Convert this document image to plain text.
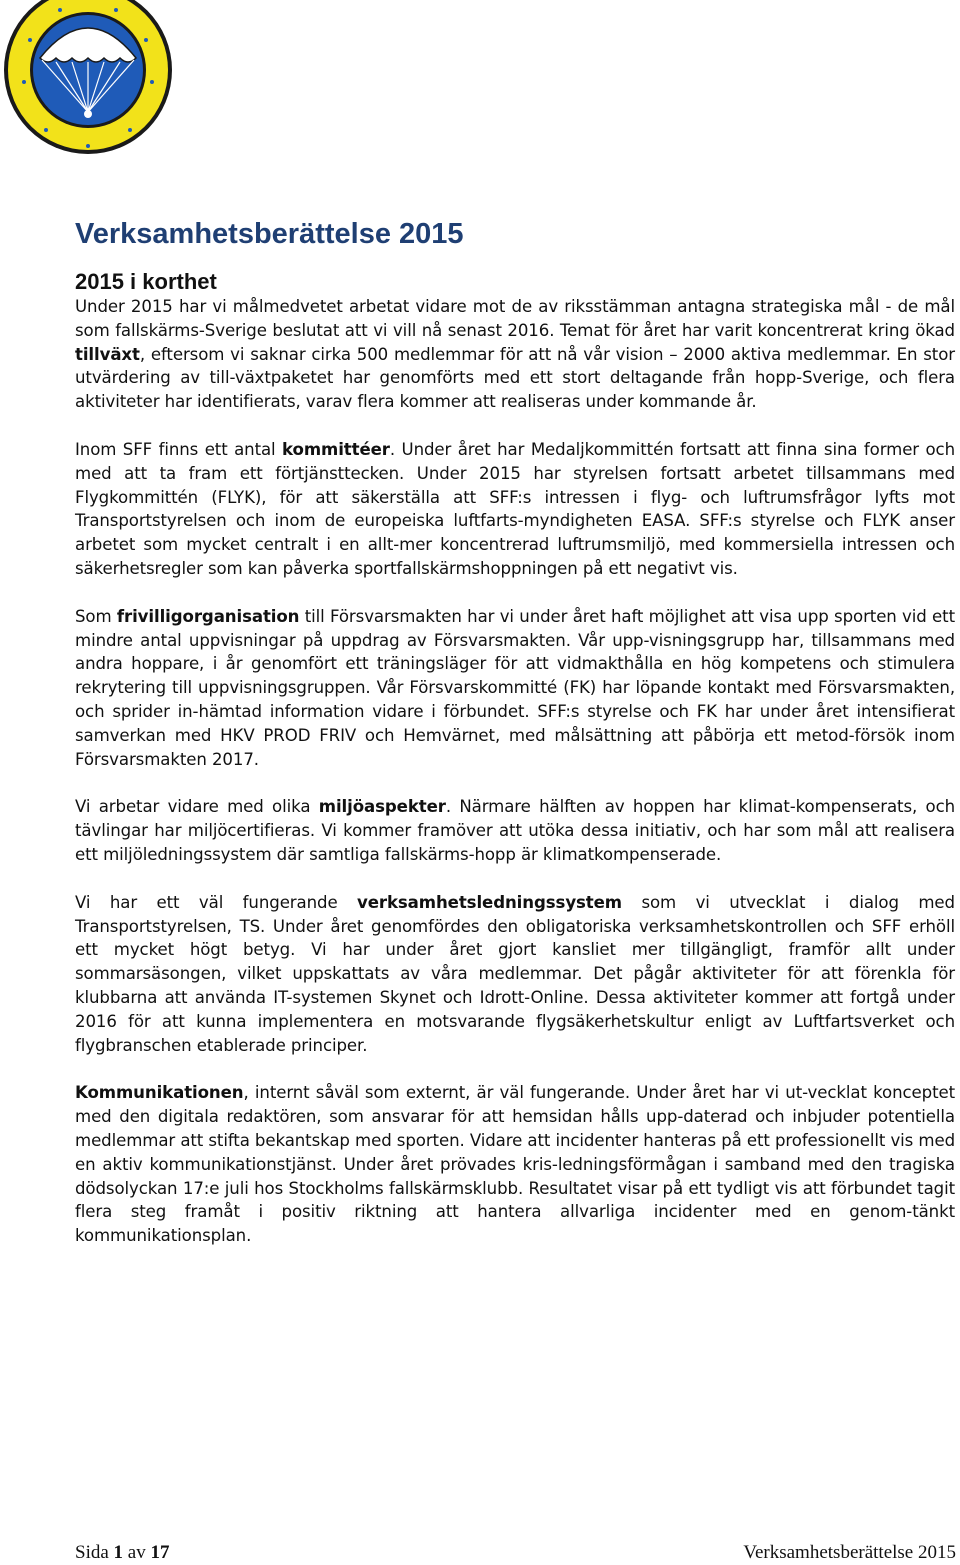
Verksamhetsberättelse 2015
2015 i korthet

Under 2015 har vi målmedvetet arbetat vidare mot de av riksstämman antagna strategiska mål - de mål som fallskärms-Sverige beslutat att vi vill nå senast 2016. Temat för året har varit koncentrerat kring ökad tillväxt, eftersom vi saknar cirka 500 medlemmar för att nå vår vision – 2000 aktiva medlemmar. En stor utvärdering av till-växtpaketet har genomförts med ett stort deltagande från hopp-Sverige, och flera aktiviteter har identifierats, varav flera kommer att realiseras under kommande år.

Inom SFF finns ett antal kommittéer. Under året har Medaljkommittén fortsatt att finna sina former och med att ta fram ett förtjänsttecken. Under 2015 har styrelsen fortsatt arbetet tillsammans med Flygkommittén (FLYK), för att säkerställa att SFF:s intressen i flyg- och luftrumsfrågor lyfts mot Transportstyrelsen och inom de europeiska luftfarts-myndigheten EASA. SFF:s styrelse och FLYK anser arbetet som mycket centralt i en allt-mer koncentrerad luftrumsmiljö, med kommersiella intressen och säkerhetsregler som kan påverka sportfallskärmshoppningen på ett negativt vis.

Som frivilligorganisation till Försvarsmakten har vi under året haft möjlighet att visa upp sporten vid ett mindre antal uppvisningar på uppdrag av Försvarsmakten. Vår upp-visningsgrupp har, tillsammans med andra hoppare, i år genomfört ett träningsläger för att vidmakthålla en hög kompetens och stimulera rekrytering till uppvisningsgruppen. Vår Försvarskommitté (FK) har löpande kontakt med Försvarsmakten, och sprider in-hämtad information vidare i förbundet. SFF:s styrelse och FK har under året intensifierat samverkan med HKV PROD FRIV och Hemvärnet, med målsättning att påbörja ett metod-försök inom Försvarsmakten 2017.

Vi arbetar vidare med olika miljöaspekter. Närmare hälften av hoppen har klimat-kompenserats, och tävlingar har miljöcertifieras. Vi kommer framöver att utöka dessa initiativ, och har som mål att realisera ett miljöledningssystem där samtliga fallskärms-hopp är klimatkompenserade.

Vi har ett väl fungerande verksamhetsledningssystem som vi utvecklat i dialog med Transportstyrelsen, TS. Under året genomfördes den obligatoriska verksamhetskontrollen och SFF erhöll ett mycket högt betyg. Vi har under året gjort kansliet mer tillgängligt, framför allt under sommarsäsongen, vilket uppskattats av våra medlemmar. Det pågår aktiviteter för att förenkla för klubbarna att använda IT-systemen Skynet och Idrott-Online. Dessa aktiviteter kommer att fortgå under 2016 för att kunna implementera en motsvarande flygsäkerhetskultur enligt av Luftfartsverket och flygbranschen etablerade principer.

Kommunikationen, internt såväl som externt, är väl fungerande. Under året har vi ut-vecklat konceptet med den digitala redaktören, som ansvarar för att hemsidan hålls upp-daterad och inbjuder potentiella medlemmar att stifta bekantskap med sporten. Vidare att incidenter hanteras på ett professionellt vis med en aktiv kommunikationstjänst. Under året prövades kris-ledningsförmågan i samband med den tragiska dödsolyckan 17:e juli hos Stockholms fallskärmsklubb. Resultatet visar på ett tydligt vis att förbundet tagit flera steg framåt i positiv riktning att hantera allvarliga incidenter med en genom-tänkt kommunikationsplan.

Sida 1 av 17	Verksamhetsberättelse 2015
